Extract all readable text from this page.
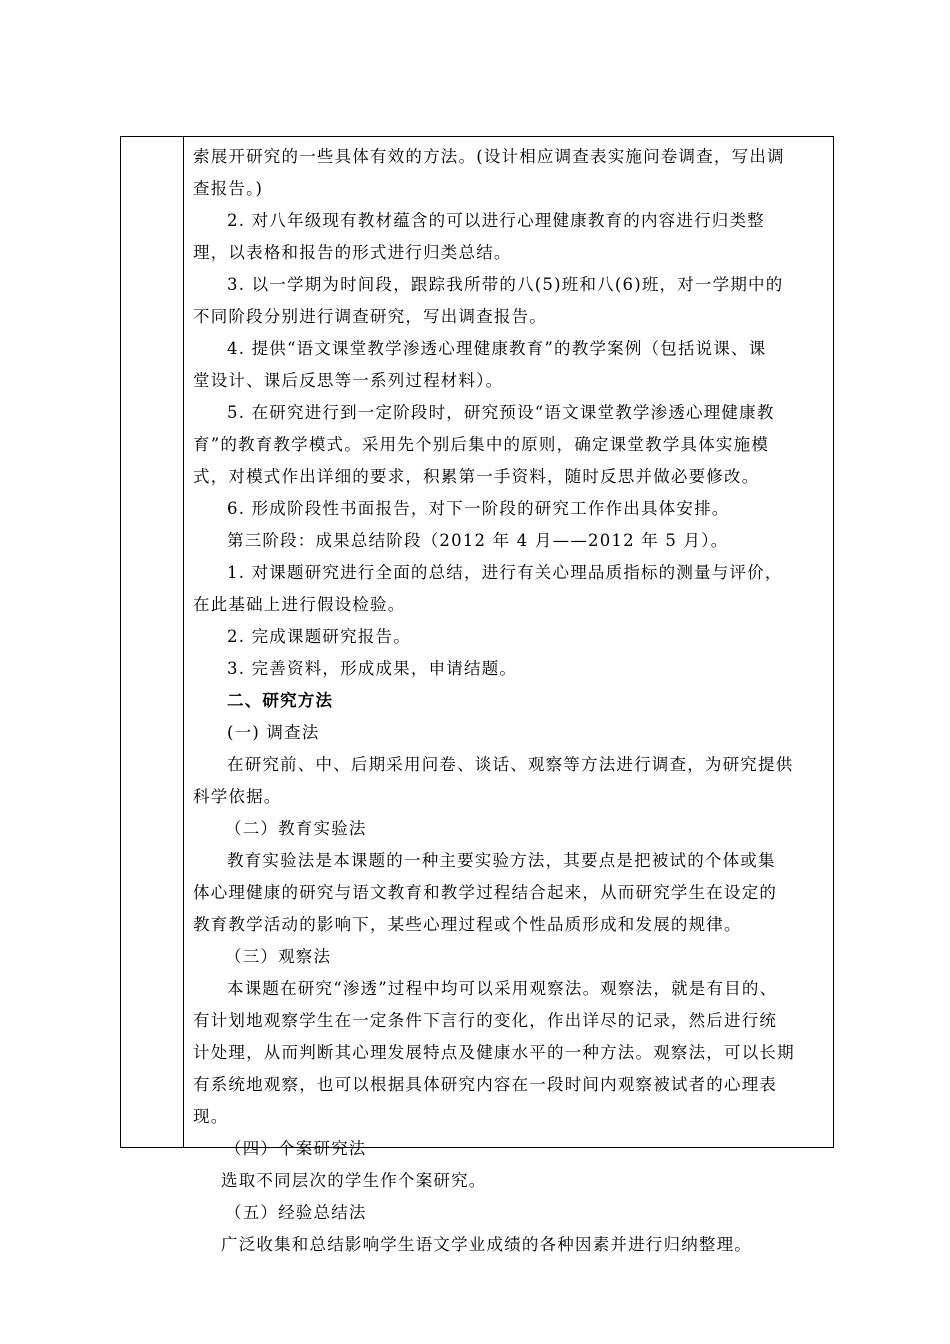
索展开研究的一些具体有效的方法。(设计相应调查表实施问卷调查，写出调
查报告。)
2. 对八年级现有教材蕴含的可以进行心理健康教育的内容进行归类整
理，以表格和报告的形式进行归类总结。
3. 以一学期为时间段，跟踪我所带的八(5)班和八(6)班，对一学期中的
不同阶段分别进行调查研究，写出调查报告。
4. 提供“语文课堂教学渗透心理健康教育”的教学案例（包括说课、课
堂设计、课后反思等一系列过程材料）。
5. 在研究进行到一定阶段时，研究预设“语文课堂教学渗透心理健康教
育”的教育教学模式。采用先个别后集中的原则，确定课堂教学具体实施模
式，对模式作出详细的要求，积累第一手资料，随时反思并做必要修改。
6. 形成阶段性书面报告，对下一阶段的研究工作作出具体安排。
第三阶段：成果总结阶段（2012 年 4 月——2012 年 5 月）。
1. 对课题研究进行全面的总结，进行有关心理品质指标的测量与评价，
在此基础上进行假设检验。
2. 完成课题研究报告。
3. 完善资料，形成成果，申请结题。
二、研究方法
(一) 调查法
在研究前、中、后期采用问卷、谈话、观察等方法进行调查，为研究提供
科学依据。
（二）教育实验法
教育实验法是本课题的一种主要实验方法，其要点是把被试的个体或集
体心理健康的研究与语文教育和教学过程结合起来，从而研究学生在设定的
教育教学活动的影响下，某些心理过程或个性品质形成和发展的规律。
（三）观察法
本课题在研究“渗透”过程中均可以采用观察法。观察法，就是有目的、
有计划地观察学生在一定条件下言行的变化，作出详尽的记录，然后进行统
计处理，从而判断其心理发展特点及健康水平的一种方法。观察法，可以长期
有系统地观察，也可以根据具体研究内容在一段时间内观察被试者的心理表
现。
（四）个案研究法
选取不同层次的学生作个案研究。
（五）经验总结法
广泛收集和总结影响学生语文学业成绩的各种因素并进行归纳整理。
